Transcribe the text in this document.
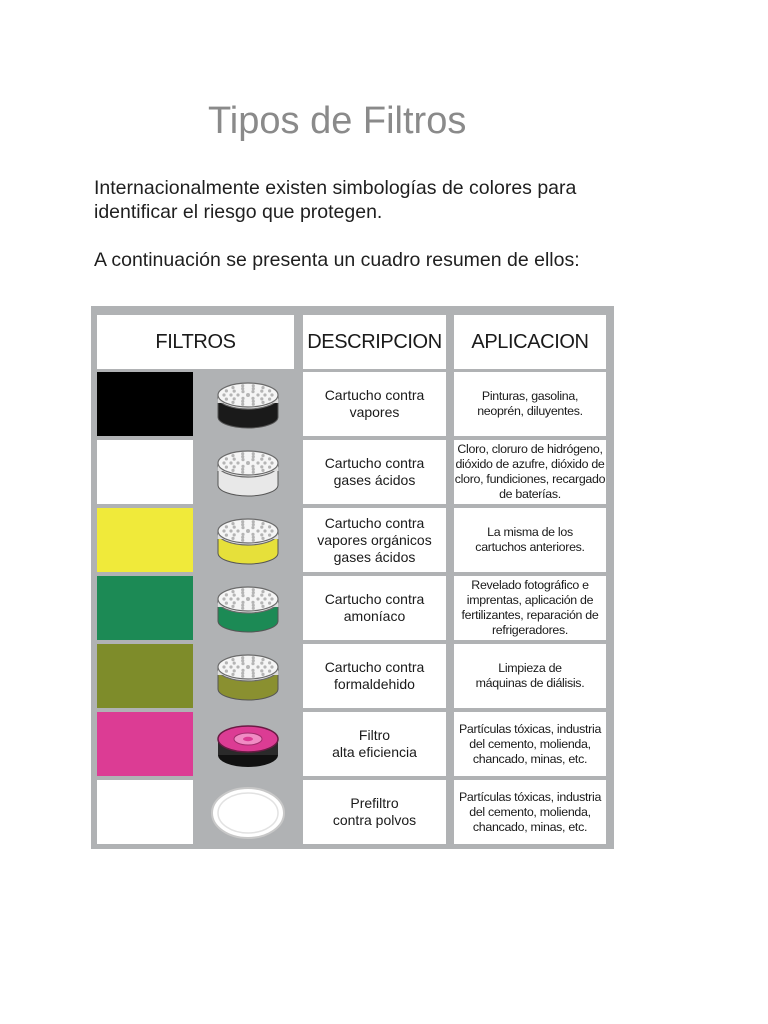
Tipos de Filtros

Internacionalmente existen simbologías de colores para identificar el riesgo que protegen.

A continuación se presenta un cuadro resumen de ellos:

FILTROS	DESCRIPCION	APLICACION
Cartucho contra
vapores
Pinturas, gasolina,
neoprén, diluyentes.
Cartucho contra
gases ácidos
Cloro, cloruro de hidrógeno,
dióxido de azufre, dióxido de
cloro, fundiciones, recargado
de baterías.
Cartucho contra
vapores orgánicos
gases ácidos
La misma de los
cartuchos anteriores.
Cartucho contra
amoníaco
Revelado fotográfico e
imprentas, aplicación de
fertilizantes, reparación de
refrigeradores.
Cartucho contra
formaldehido
Limpieza de
máquinas de diálisis.
Filtro
alta eficiencia
Partículas tóxicas, industria
del cemento, molienda,
chancado, minas, etc.
Prefiltro
contra polvos
Partículas tóxicas, industria
del cemento, molienda,
chancado, minas, etc.
